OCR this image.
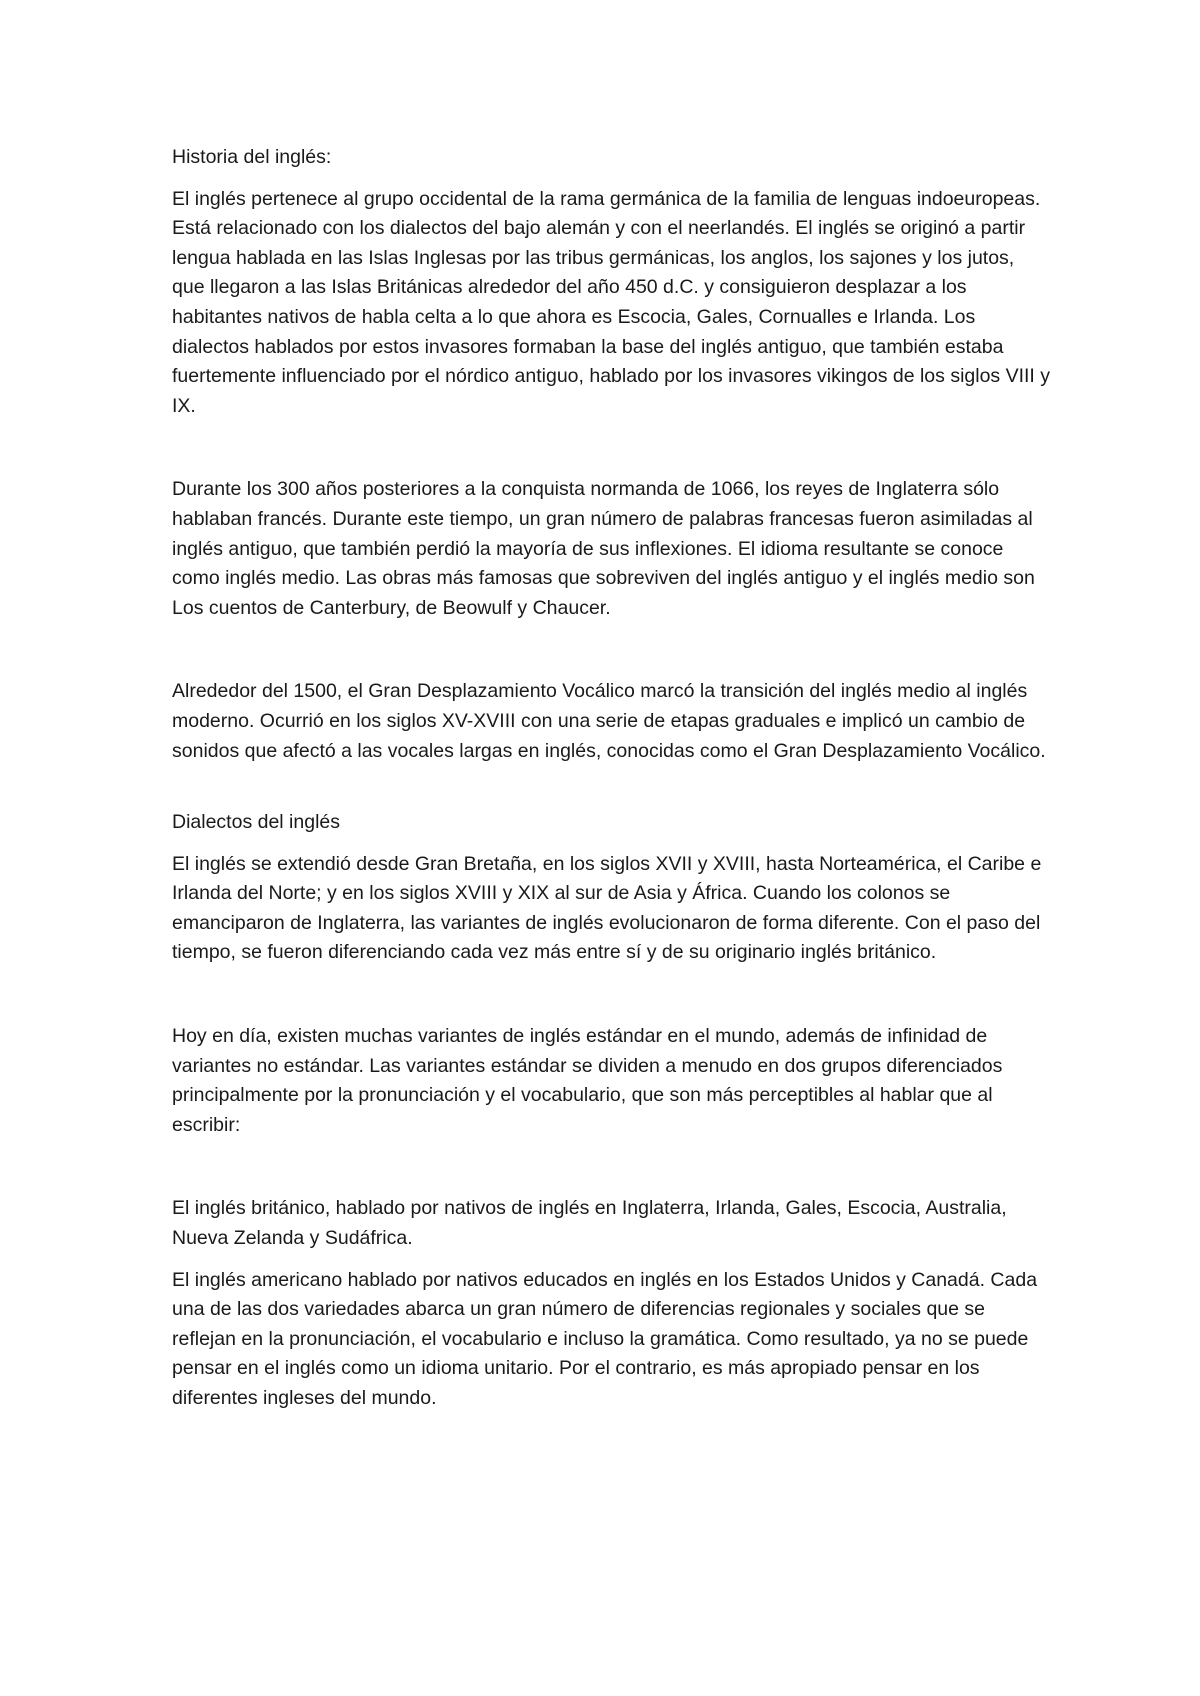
Historia del inglés:

El inglés pertenece al grupo occidental de la rama germánica de la familia de lenguas indoeuropeas. Está relacionado con los dialectos del bajo alemán y con el neerlandés. El inglés se originó a partir lengua hablada en las Islas Inglesas por las tribus germánicas, los anglos, los sajones y los jutos, que llegaron a las Islas Británicas alrededor del año 450 d.C. y consiguieron desplazar a los habitantes nativos de habla celta a lo que ahora es Escocia, Gales, Cornualles e Irlanda. Los dialectos hablados por estos invasores formaban la base del inglés antiguo, que también estaba fuertemente influenciado por el nórdico antiguo, hablado por los invasores vikingos de los siglos VIII y IX.

Durante los 300 años posteriores a la conquista normanda de 1066, los reyes de Inglaterra sólo hablaban francés. Durante este tiempo, un gran número de palabras francesas fueron asimiladas al inglés antiguo, que también perdió la mayoría de sus inflexiones. El idioma resultante se conoce como inglés medio. Las obras más famosas que sobreviven del inglés antiguo y el inglés medio son Los cuentos de Canterbury, de Beowulf y Chaucer.

Alrededor del 1500, el Gran Desplazamiento Vocálico marcó la transición del inglés medio al inglés moderno. Ocurrió en los siglos XV-XVIII con una serie de etapas graduales e implicó un cambio de sonidos que afectó a las vocales largas en inglés, conocidas como el Gran Desplazamiento Vocálico.

Dialectos del inglés

El inglés se extendió desde Gran Bretaña, en los siglos XVII y XVIII, hasta Norteamérica, el Caribe e Irlanda del Norte; y en los siglos XVIII y XIX al sur de Asia y África. Cuando los colonos se emanciparon de Inglaterra, las variantes de inglés evolucionaron de forma diferente. Con el paso del tiempo, se fueron diferenciando cada vez más entre sí y de su originario inglés británico.

Hoy en día, existen muchas variantes de inglés estándar en el mundo, además de infinidad de variantes no estándar. Las variantes estándar se dividen a menudo en dos grupos diferenciados principalmente por la pronunciación y el vocabulario, que son más perceptibles al hablar que al escribir:

El inglés británico, hablado por nativos de inglés en Inglaterra, Irlanda, Gales, Escocia, Australia, Nueva Zelanda y Sudáfrica.

El inglés americano hablado por nativos educados en inglés en los Estados Unidos y Canadá. Cada una de las dos variedades abarca un gran número de diferencias regionales y sociales que se reflejan en la pronunciación, el vocabulario e incluso la gramática. Como resultado, ya no se puede pensar en el inglés como un idioma unitario. Por el contrario, es más apropiado pensar en los diferentes ingleses del mundo.
